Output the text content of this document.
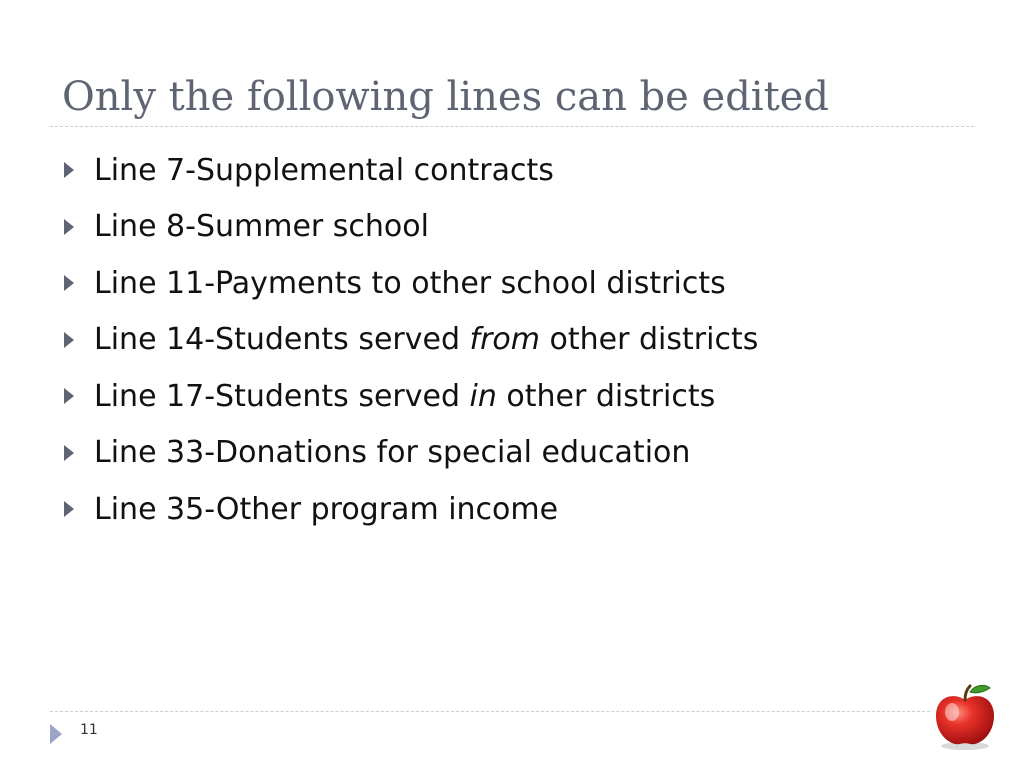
Only the following lines can be edited
Line 7-Supplemental contracts
Line 8-Summer school
Line 11-Payments to other school districts
Line 14-Students served from other districts
Line 17-Students served in other districts
Line 33-Donations for special education
Line 35-Other program income
11
